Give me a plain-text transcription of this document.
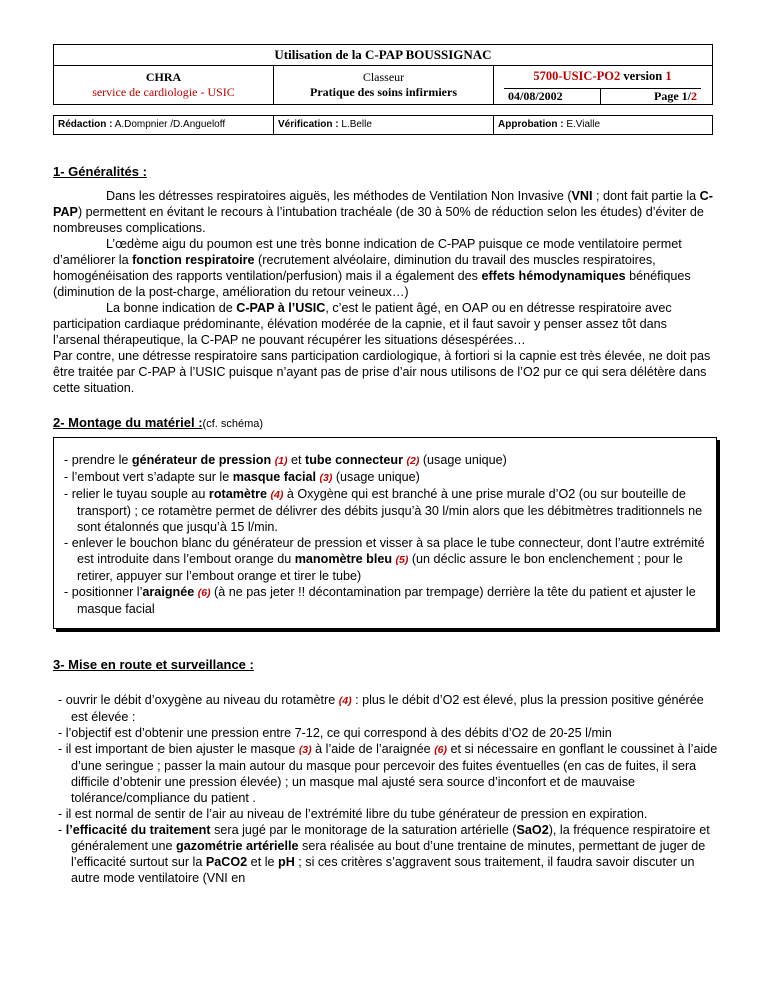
Utilisation de la C-PAP BOUSSIGNAC
CHRA
service de cardiologie - USIC
Classeur
Pratique des soins infirmiers
5700-USIC-PO2 version 1
04/08/2002	Page 1/2
Rédaction : A.Dompnier /D.Angueloff	Vérification : L.Belle	Approbation : E.Vialle
1- Généralités :

Dans les détresses respiratoires aiguës, les méthodes de Ventilation Non Invasive (VNI ; dont fait partie la C-PAP) permettent en évitant le recours à l’intubation trachéale (de 30 à 50% de réduction selon les études) d’éviter de nombreuses complications.

L’œdème aigu du poumon est une très bonne indication de C-PAP puisque ce mode ventilatoire permet d’améliorer la fonction respiratoire (recrutement alvéolaire, diminution du travail des muscles respiratoires, homogénéisation des rapports ventilation/perfusion) mais il a également des effets hémodynamiques bénéfiques (diminution de la post-charge, amélioration du retour veineux…)

La bonne indication de C-PAP à l’USIC, c’est le patient âgé, en OAP ou en détresse respiratoire avec participation cardiaque prédominante, élévation modérée de la capnie, et il faut savoir y penser assez tôt dans l’arsenal thérapeutique, la C-PAP ne pouvant récupérer les situations désespérées…

Par contre, une détresse respiratoire sans participation cardiologique, à fortiori si la capnie est très élevée, ne doit pas être traitée par C-PAP à l’USIC puisque n’ayant pas de prise d’air nous utilisons de l’O2 pur ce qui sera délétère dans cette situation.

2- Montage du matériel :(cf. schéma)

- prendre le générateur de pression (1) et tube connecteur (2) (usage unique)

- l’embout vert s’adapte sur le masque facial (3) (usage unique)

- relier le tuyau souple au rotamètre (4) à Oxygène qui est branché à une prise murale d’O2 (ou sur bouteille de transport) ; ce rotamètre permet de délivrer des débits jusqu’à 30 l/min alors que les débitmètres traditionnels ne sont étalonnés que jusqu’à 15 l/min.

- enlever le bouchon blanc du générateur de pression et visser à sa place le tube connecteur, dont l’autre extrémité est introduite dans l’embout orange du manomètre bleu (5) (un déclic assure le bon enclenchement ; pour le retirer, appuyer sur l’embout orange et tirer le tube)

- positionner l’araignée (6) (à ne pas jeter !! décontamination par trempage) derrière la tête du patient et ajuster le masque facial

3- Mise en route et surveillance :

- ouvrir le débit d’oxygène au niveau du rotamètre (4) : plus le débit d’O2 est élevé, plus la pression positive générée est élevée :

- l’objectif est d’obtenir une pression entre 7-12, ce qui correspond à des débits d’O2 de 20-25 l/min

- il est important de bien ajuster le masque (3) à l’aide de l’araignée (6) et si nécessaire en gonflant le coussinet à l’aide d’une seringue ; passer la main autour du masque pour percevoir des fuites éventuelles (en cas de fuites, il sera difficile d’obtenir une pression élevée) ; un masque mal ajusté sera source d’inconfort et de mauvaise tolérance/compliance du patient .

- il est normal de sentir de l’air au niveau de l’extrémité libre du tube générateur de pression en expiration.

- l’efficacité du traitement sera jugé par le monitorage de la saturation artérielle (SaO2), la fréquence respiratoire et généralement une gazométrie artérielle sera réalisée au bout d’une trentaine de minutes, permettant de juger de l’efficacité surtout sur la PaCO2 et le pH ; si ces critères s’aggravent sous traitement, il faudra savoir discuter un autre mode ventilatoire (VNI en
